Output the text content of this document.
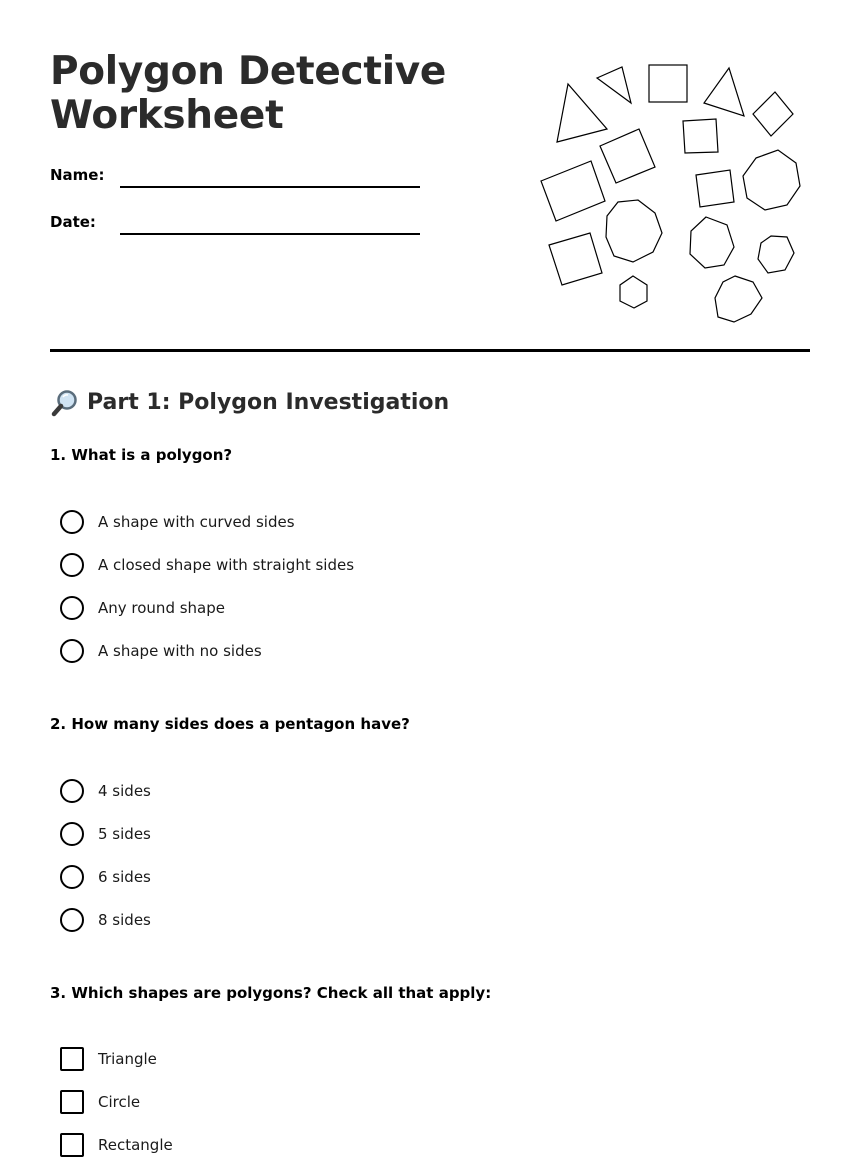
Polygon Detective Worksheet
Name:
Date:
Part 1: Polygon Investigation

1. What is a polygon?

A shape with curved sides
A closed shape with straight sides
Any round shape
A shape with no sides

2. How many sides does a pentagon have?

4 sides
5 sides
6 sides
8 sides

3. Which shapes are polygons? Check all that apply:

Triangle
Circle
Rectangle
